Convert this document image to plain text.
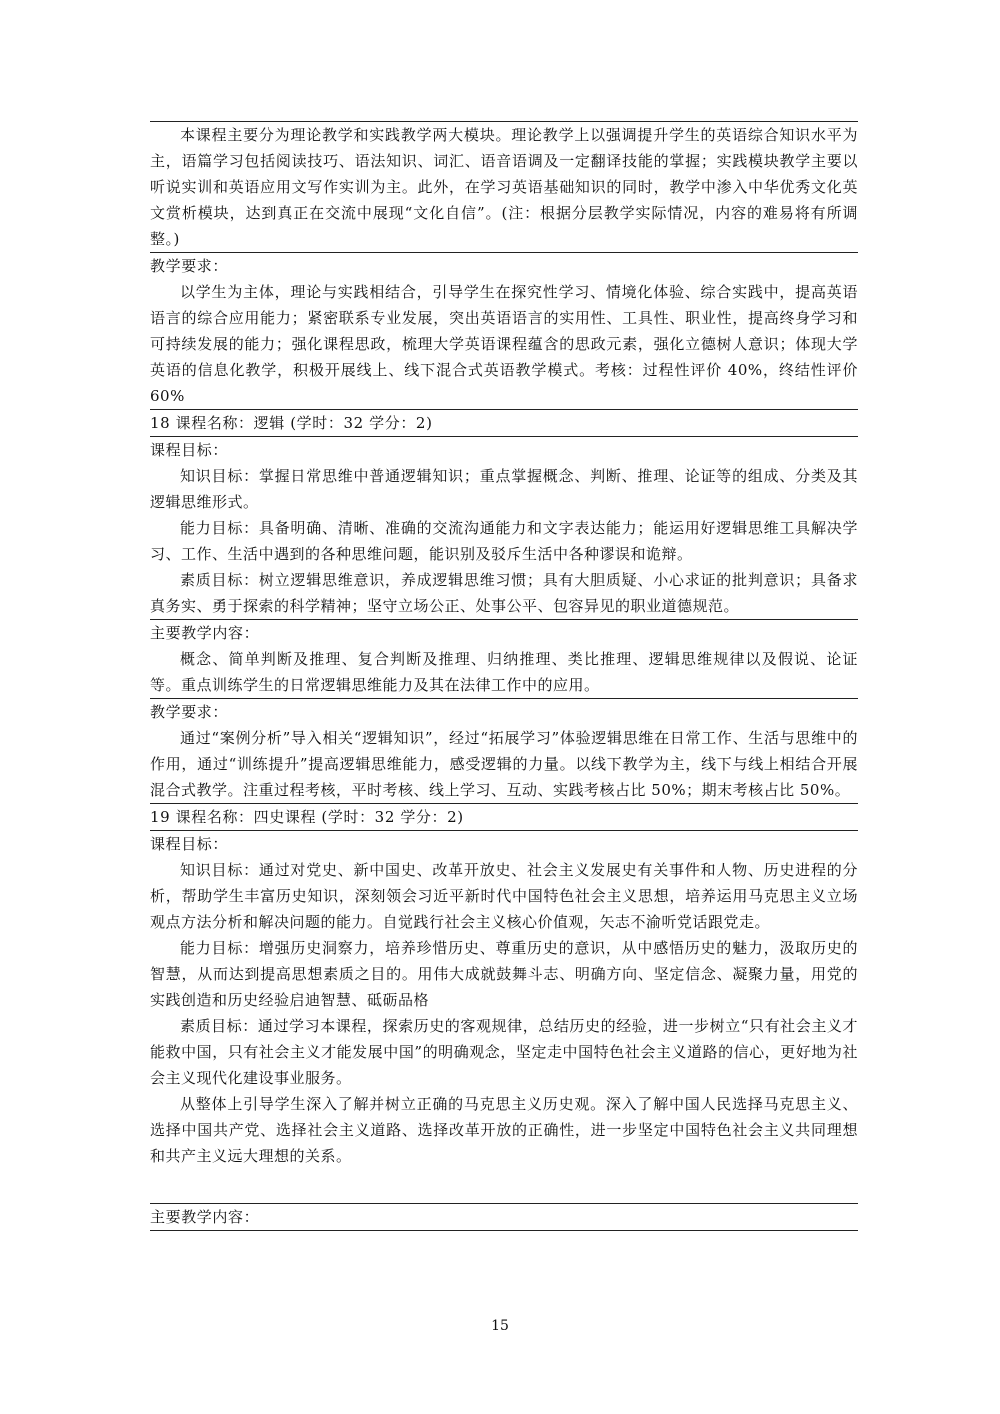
本课程主要分为理论教学和实践教学两大模块。理论教学上以强调提升学生的英语综合知识水平为主，语篇学习包括阅读技巧、语法知识、词汇、语音语调及一定翻译技能的掌握；实践模块教学主要以听说实训和英语应用文写作实训为主。此外，在学习英语基础知识的同时，教学中渗入中华优秀文化英文赏析模块，达到真正在交流中展现“文化自信”。(注：根据分层教学实际情况，内容的难易将有所调整。)

教学要求：

以学生为主体，理论与实践相结合，引导学生在探究性学习、情境化体验、综合实践中，提高英语语言的综合应用能力；紧密联系专业发展，突出英语语言的实用性、工具性、职业性，提高终身学习和可持续发展的能力；强化课程思政，梳理大学英语课程蕴含的思政元素，强化立德树人意识；体现大学英语的信息化教学，积极开展线上、线下混合式英语教学模式。考核：过程性评价 40%，终结性评价 60%

18 课程名称：逻辑 (学时：32 学分：2)
课程目标：

知识目标：掌握日常思维中普通逻辑知识；重点掌握概念、判断、推理、论证等的组成、分类及其逻辑思维形式。

能力目标：具备明确、清晰、准确的交流沟通能力和文字表达能力；能运用好逻辑思维工具解决学习、工作、生活中遇到的各种思维问题，能识别及驳斥生活中各种谬误和诡辩。

素质目标：树立逻辑思维意识，养成逻辑思维习惯；具有大胆质疑、小心求证的批判意识；具备求真务实、勇于探索的科学精神；坚守立场公正、处事公平、包容异见的职业道德规范。

主要教学内容：

概念、简单判断及推理、复合判断及推理、归纳推理、类比推理、逻辑思维规律以及假说、论证等。重点训练学生的日常逻辑思维能力及其在法律工作中的应用。

教学要求：

通过“案例分析”导入相关“逻辑知识”，经过“拓展学习”体验逻辑思维在日常工作、生活与思维中的作用，通过“训练提升”提高逻辑思维能力，感受逻辑的力量。以线下教学为主，线下与线上相结合开展混合式教学。注重过程考核，平时考核、线上学习、互动、实践考核占比 50%；期末考核占比 50%。

19 课程名称：四史课程 (学时：32 学分：2)
课程目标：

知识目标：通过对党史、新中国史、改革开放史、社会主义发展史有关事件和人物、历史进程的分析，帮助学生丰富历史知识，深刻领会习近平新时代中国特色社会主义思想，培养运用马克思主义立场观点方法分析和解决问题的能力。自觉践行社会主义核心价值观，矢志不渝听党话跟党走。

能力目标：增强历史洞察力，培养珍惜历史、尊重历史的意识，从中感悟历史的魅力，汲取历史的智慧，从而达到提高思想素质之目的。用伟大成就鼓舞斗志、明确方向、坚定信念、凝聚力量，用党的实践创造和历史经验启迪智慧、砥砺品格

素质目标：通过学习本课程，探索历史的客观规律，总结历史的经验，进一步树立“只有社会主义才能救中国，只有社会主义才能发展中国”的明确观念，坚定走中国特色社会主义道路的信心，更好地为社会主义现代化建设事业服务。

从整体上引导学生深入了解并树立正确的马克思主义历史观。深入了解中国人民选择马克思主义、选择中国共产党、选择社会主义道路、选择改革开放的正确性，进一步坚定中国特色社会主义共同理想和共产主义远大理想的关系。

主要教学内容：
15
